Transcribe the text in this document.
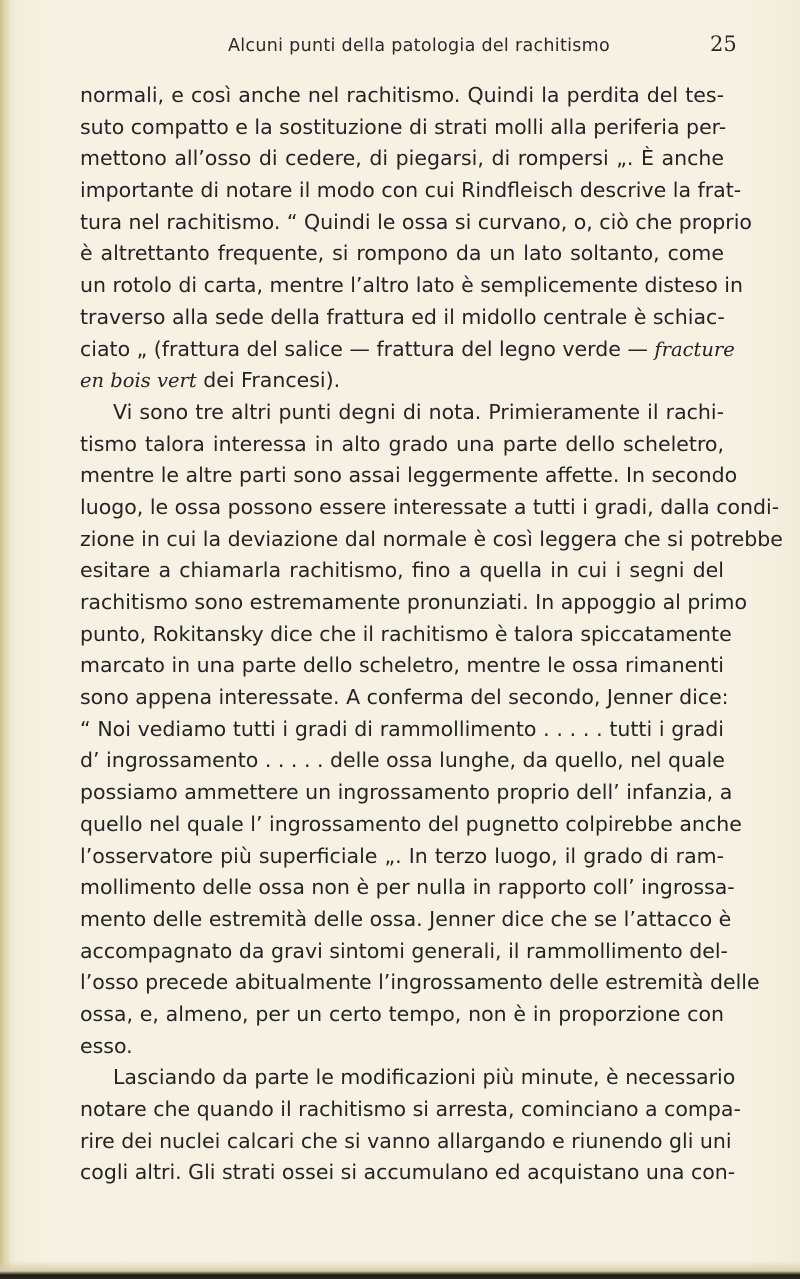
Alcuni punti della patologia del rachitismo	25
normali, e così anche nel rachitismo. Quindi la perdita del tes-
suto compatto e la sostituzione di strati molli alla periferia per-
mettono all’osso di cedere, di piegarsi, di rompersi „. È anche
importante di notare il modo con cui Rindfleisch descrive la frat-
tura nel rachitismo. “ Quindi le ossa si curvano, o, ciò che proprio
è altrettanto frequente, si rompono da un lato soltanto, come
un rotolo di carta, mentre l’altro lato è semplicemente disteso in
traverso alla sede della frattura ed il midollo centrale è schiac-
ciato „ (frattura del salice — frattura del legno verde — fracture
en bois vert dei Francesi).
Vi sono tre altri punti degni di nota. Primieramente il rachi-
tismo talora interessa in alto grado una parte dello scheletro,
mentre le altre parti sono assai leggermente affette. In secondo
luogo, le ossa possono essere interessate a tutti i gradi, dalla condi-
zione in cui la deviazione dal normale è così leggera che si potrebbe
esitare a chiamarla rachitismo, fino a quella in cui i segni del
rachitismo sono estremamente pronunziati. In appoggio al primo
punto, Rokitansky dice che il rachitismo è talora spiccatamente
marcato in una parte dello scheletro, mentre le ossa rimanenti
sono appena interessate. A conferma del secondo, Jenner dice:
“ Noi vediamo tutti i gradi di rammollimento . . . . . tutti i gradi
d’ ingrossamento . . . . . delle ossa lunghe, da quello, nel quale
possiamo ammettere un ingrossamento proprio dell’ infanzia, a
quello nel quale l’ ingrossamento del pugnetto colpirebbe anche
l’osservatore più superficiale „. In terzo luogo, il grado di ram-
mollimento delle ossa non è per nulla in rapporto coll’ ingrossa-
mento delle estremità delle ossa. Jenner dice che se l’attacco è
accompagnato da gravi sintomi generali, il rammollimento del-
l’osso precede abitualmente l’ingrossamento delle estremità delle
ossa, e, almeno, per un certo tempo, non è in proporzione con
esso.
Lasciando da parte le modificazioni più minute, è necessario
notare che quando il rachitismo si arresta, cominciano a compa-
rire dei nuclei calcari che si vanno allargando e riunendo gli uni
cogli altri. Gli strati ossei si accumulano ed acquistano una con-
